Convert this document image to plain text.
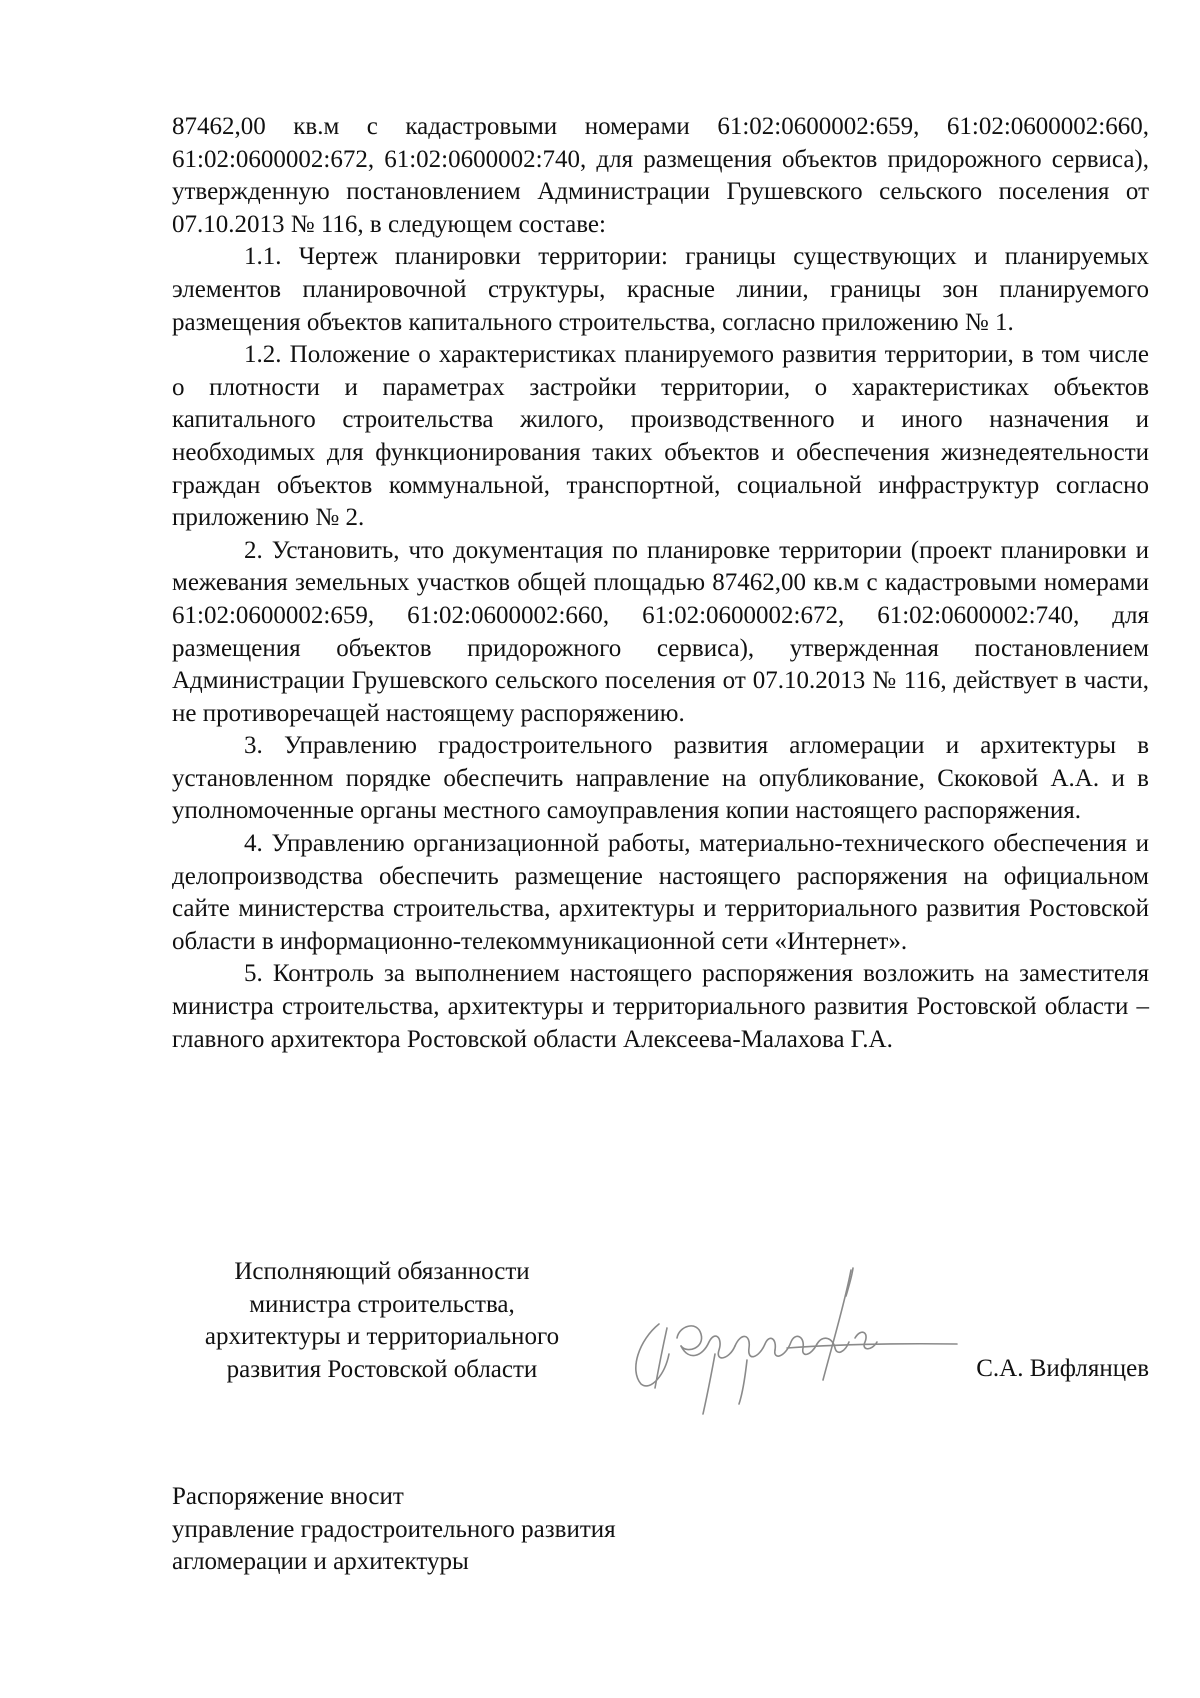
87462,00 кв.м с кадастровыми номерами 61:02:0600002:659, 61:02:0600002:660, 61:02:0600002:672, 61:02:0600002:740, для размещения объектов придорожного сервиса), утвержденную постановлением Администрации Грушевского сельского поселения от 07.10.2013 № 116, в следующем составе:

1.1. Чертеж планировки территории: границы существующих и планируемых элементов планировочной структуры, красные линии, границы зон планируемого размещения объектов капитального строительства, согласно приложению № 1.

1.2. Положение о характеристиках планируемого развития территории, в том числе о плотности и параметрах застройки территории, о характеристиках объектов капитального строительства жилого, производственного и иного назначения и необходимых для функционирования таких объектов и обеспечения жизнедеятельности граждан объектов коммунальной, транспортной, социальной инфраструктур согласно приложению № 2.

2. Установить, что документация по планировке территории (проект планировки и межевания земельных участков общей площадью 87462,00 кв.м с кадастровыми номерами 61:02:0600002:659, 61:02:0600002:660, 61:02:0600002:672, 61:02:0600002:740, для размещения объектов придорожного сервиса), утвержденная постановлением Администрации Грушевского сельского поселения от 07.10.2013 № 116, действует в части, не противоречащей настоящему распоряжению.

3. Управлению градостроительного развития агломерации и архитектуры в установленном порядке обеспечить направление на опубликование, Скоковой А.А. и в уполномоченные органы местного самоуправления копии настоящего распоряжения.

4. Управлению организационной работы, материально-технического обеспечения и делопроизводства обеспечить размещение настоящего распоряжения на официальном сайте министерства строительства, архитектуры и территориального развития Ростовской области в информационно-телекоммуникационной сети «Интернет».

5. Контроль за выполнением настоящего распоряжения возложить на заместителя министра строительства, архитектуры и территориального развития Ростовской области – главного архитектора Ростовской области Алексеева-Малахова Г.А.

Исполняющий обязанности
министра строительства,
архитектуры и территориального
развития Ростовской области	С.А. Вифлянцев
Распоряжение вносит
управление градостроительного развития
агломерации и архитектуры
